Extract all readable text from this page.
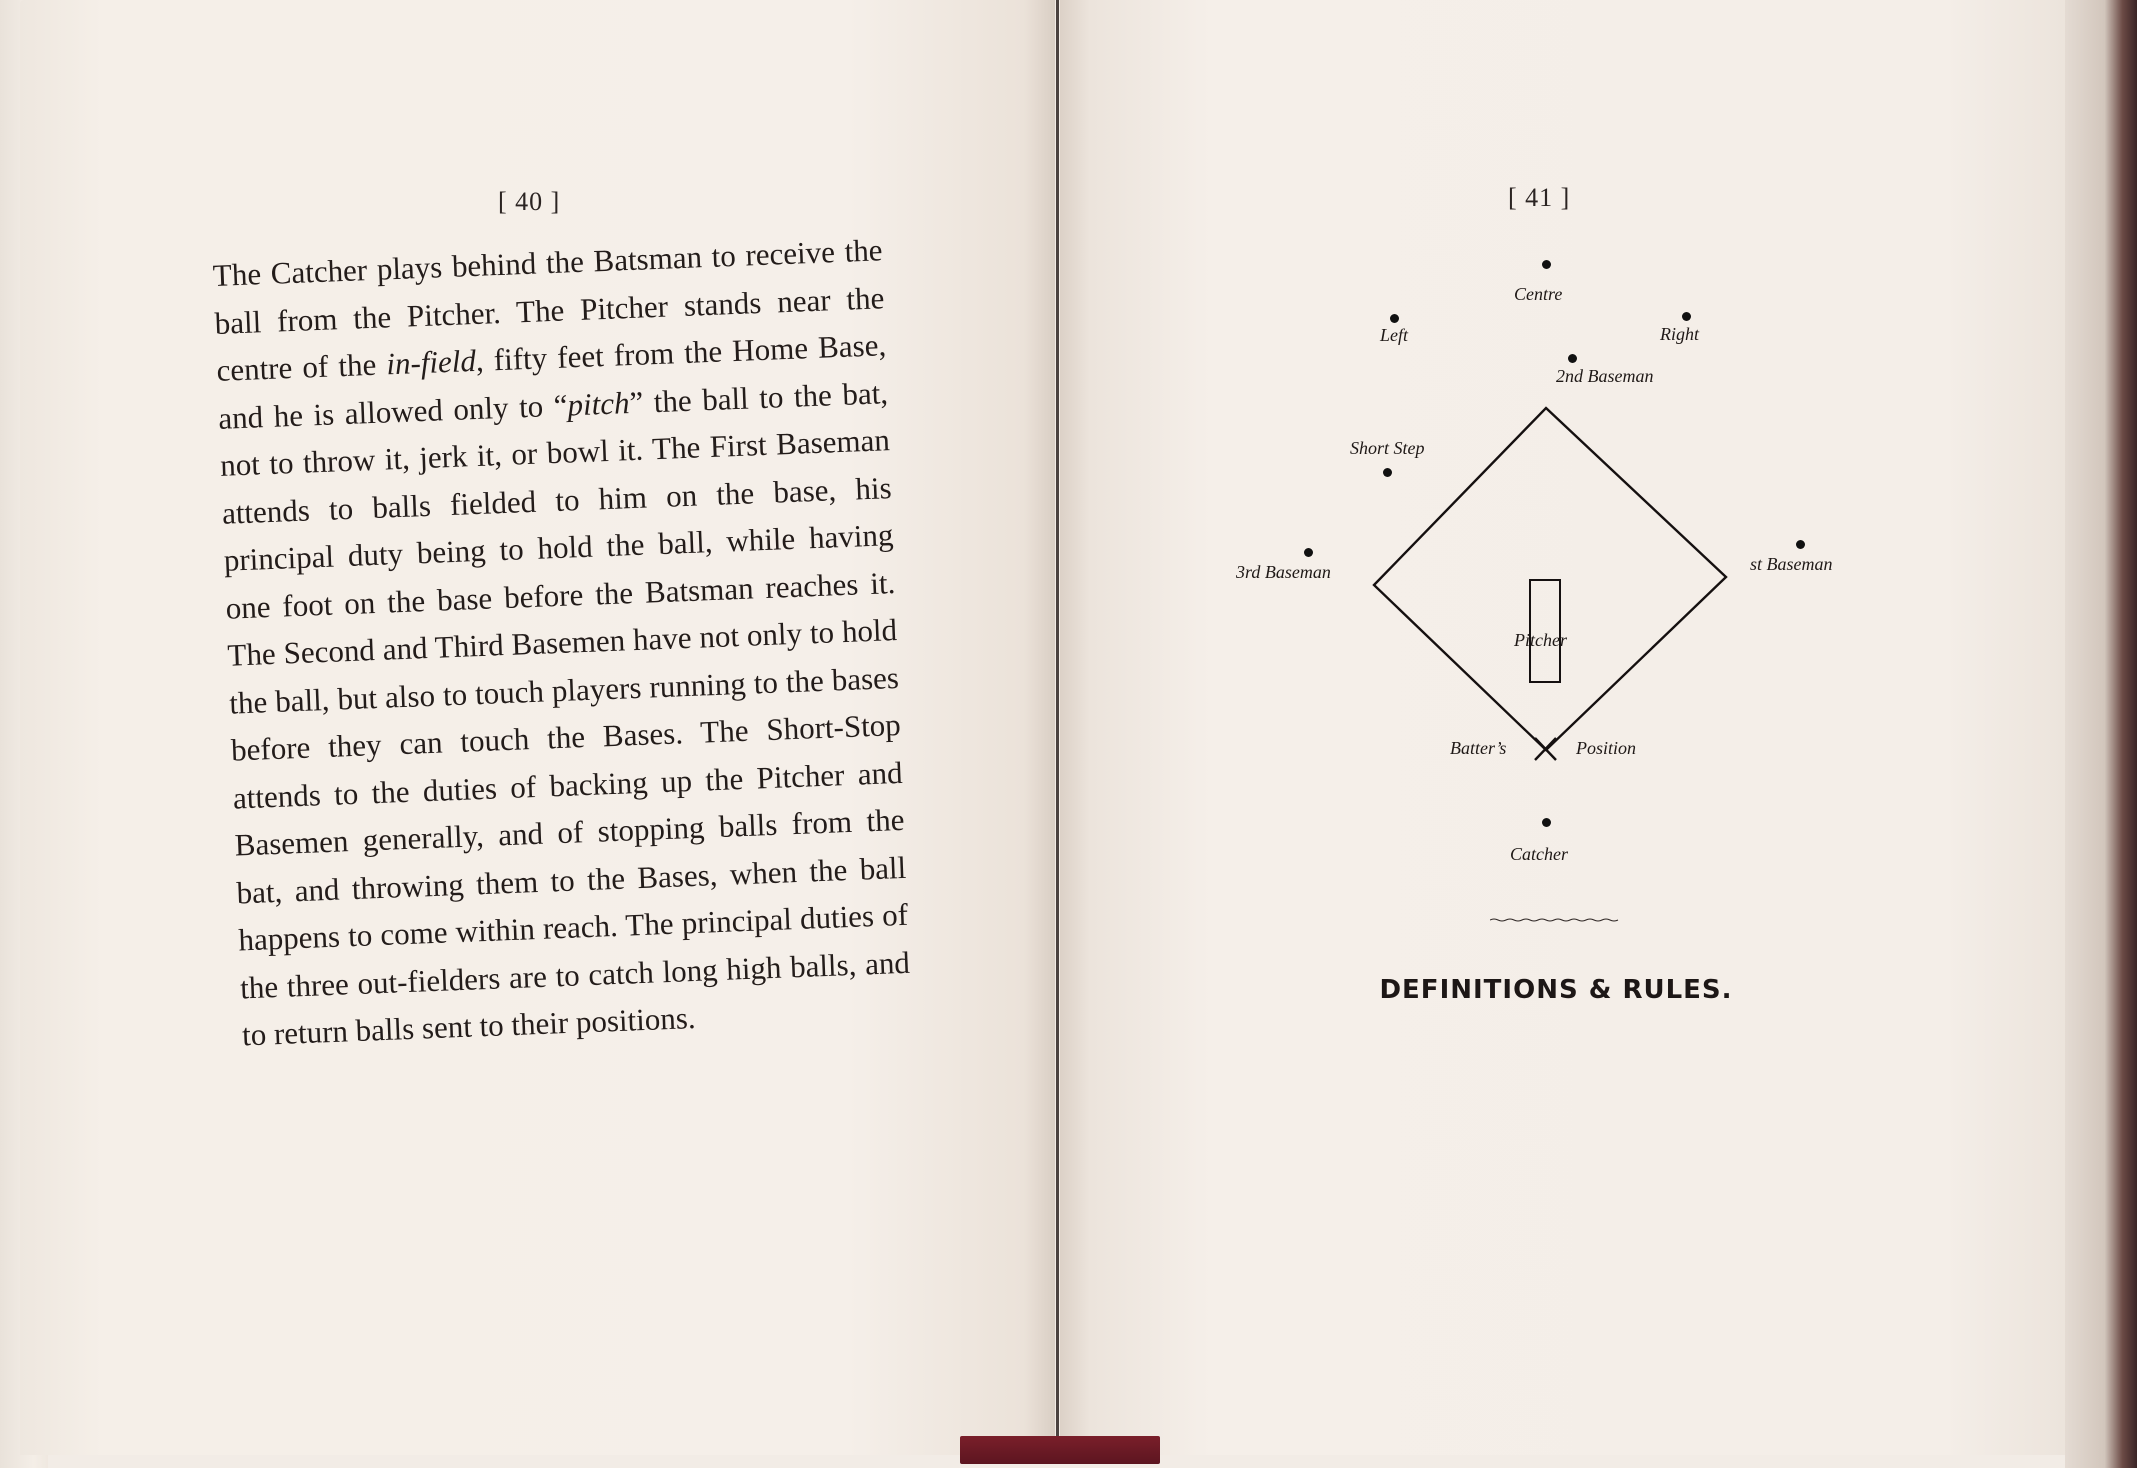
[ 40 ]

The Catcher plays behind the Batsman to receive the ball from the Pitcher. The Pitcher stands near the centre of the in-field, fifty feet from the Home Base, and he is allowed only to “pitch” the ball to the bat, not to throw it, jerk it, or bowl it. The First Baseman attends to balls fielded to him on the base, his principal duty being to hold the ball, while having one foot on the base before the Batsman reaches it. The Second and Third Basemen have not only to hold the ball, but also to touch players running to the bases before they can touch the Bases. The Short-Stop attends to the duties of backing up the Pitcher and Basemen generally, and of stopping balls from the bat, and throwing them to the Bases, when the ball happens to come within reach. The principal duties of the three out-fielders are to catch long high balls, and to return balls sent to their positions.

[ 41 ]
Centre
Left	Right
2nd Baseman
Short Step
3rd Baseman	st Baseman
Pitcher
Batter’s	Position
Catcher
DEFINITIONS & RULES.
